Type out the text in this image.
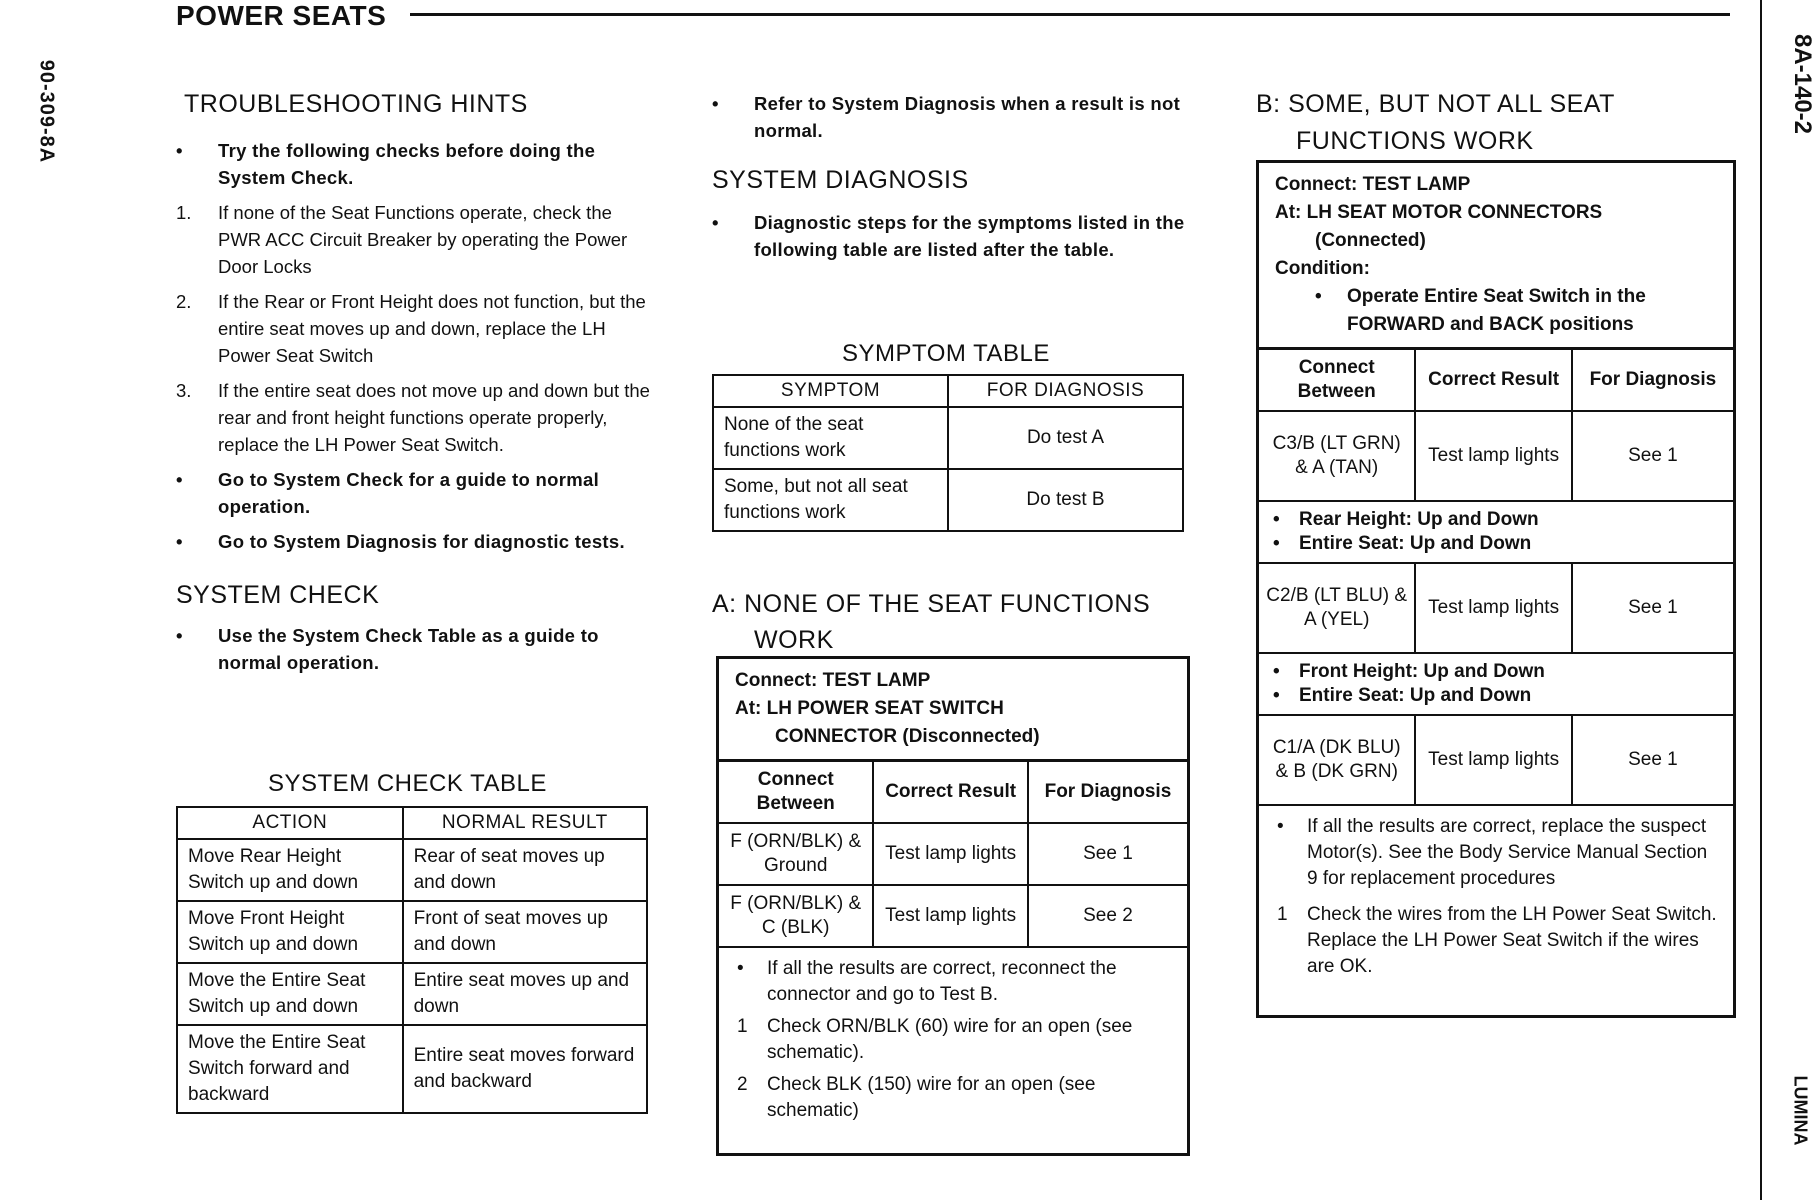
90-309-8A	8A-140-2
LUMINA
POWER SEATS
TROUBLESHOOTING HINTS

•	Try the following checks before doing the System Check.

1.	If none of the Seat Functions operate, check the PWR ACC Circuit Breaker by operating the Power Door Locks

2.	If the Rear or Front Height does not function, but the entire seat moves up and down, replace the LH Power Seat Switch

3.	If the entire seat does not move up and down but the rear and front height functions operate properly, replace the LH Power Seat Switch.

•	Go to System Check for a guide to normal operation.

•	Go to System Diagnosis for diagnostic tests.

SYSTEM CHECK

•	Use the System Check Table as a guide to normal operation.

SYSTEM CHECK TABLE
ACTION	NORMAL RESULT
Move Rear Height Switch up and down	Rear of seat moves up and down
Move Front Height Switch up and down	Front of seat moves up and down
Move the Entire Seat Switch up and down	Entire seat moves up and down
Move the Entire Seat Switch forward and backward	Entire seat moves forward and backward

•	Refer to System Diagnosis when a result is not normal.

SYSTEM DIAGNOSIS

•	Diagnostic steps for the symptoms listed in the following table are listed after the table.

SYMPTOM TABLE
SYMPTOM	FOR DIAGNOSIS
None of the seat functions work	Do test A
Some, but not all seat functions work	Do test B
A: NONE OF THE SEAT FUNCTIONS
WORK
Connect: TEST LAMP
At: LH POWER SEAT SWITCH
CONNECTOR (Disconnected)
Connect Between	Correct Result	For Diagnosis
F (ORN/BLK) & Ground	Test lamp lights	See 1
F (ORN/BLK) & C (BLK)	Test lamp lights	See 2
• If all the results are correct, reconnect the connector and go to Test B.
1 Check ORN/BLK (60) wire for an open (see schematic).
2 Check BLK (150) wire for an open (see schematic)
B: SOME, BUT NOT ALL SEAT
FUNCTIONS WORK
Connect: TEST LAMP
At: LH SEAT MOTOR CONNECTORS
(Connected)
Condition:
• Operate Entire Seat Switch in the FORWARD and BACK positions
Connect Between	Correct Result	For Diagnosis
C3/B (LT GRN) & A (TAN)	Test lamp lights	See 1

• Rear Height: Up and Down
• Entire Seat: Up and Down		

C2/B (LT BLU) & A (YEL)	Test lamp lights	See 1

• Front Height: Up and Down
• Entire Seat: Up and Down		

C1/A (DK BLU) & B (DK GRN)	Test lamp lights	See 1
• If all the results are correct, replace the suspect Motor(s). See the Body Service Manual Section 9 for replacement procedures
1 Check the wires from the LH Power Seat Switch. Replace the LH Power Seat Switch if the wires are OK.
